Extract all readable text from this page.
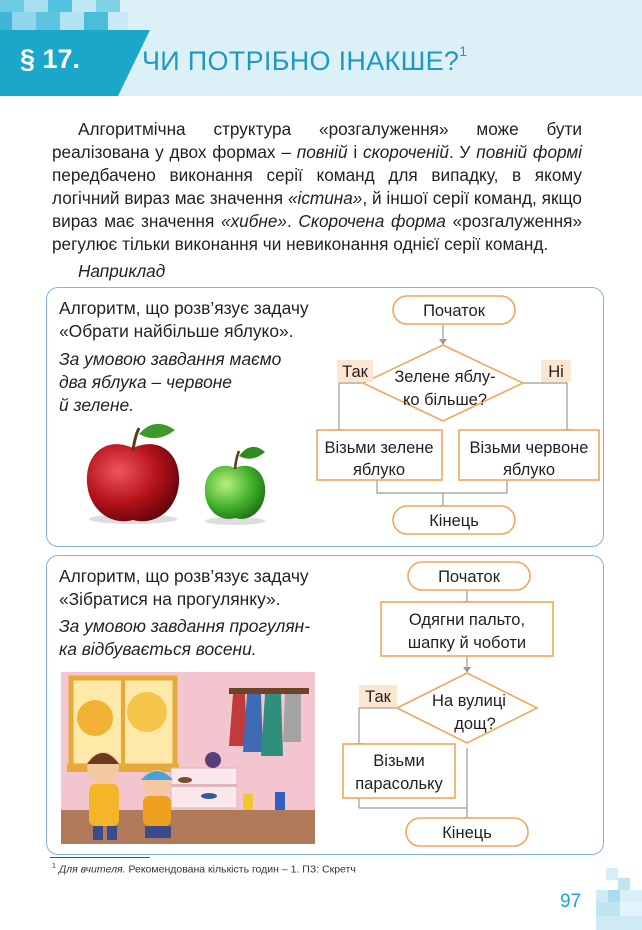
§ 17. ЧИ ПОТРІБНО ІНАКШЕ?$^1$

Алгоритмічна структура «розгалуження» може бути реалізована у двох формах – повній і скороченій. У повній формі передбачено виконання серії команд для випадку, в якому логічний вираз має значення «істина», й іншої серії команд, якщо вираз має значення «хибне». Скорочена форма «розгалуження» регулює тільки виконання чи невиконання однієї серії команд.

Наприклад
Алгоритм, що розв’язує задачу
«Обрати найбільше яблуко».
За умовою завдання маємо
два яблука – червоне
й зелене.
Початок
Зелене яблу-
ко більше?
Так	Ні
Візьми зелене
яблуко
Візьми червоне
яблуко
Кінець
Алгоритм, що розв’язує задачу
«Зібратися на прогулянку».
За умовою завдання прогулян-
ка відбувається восени.
Початок
Одягни пальто,
шапку й чоботи
На вулиці
дощ?
Так
Візьми
парасольку
Кінець
$^1$ Для вчителя. Рекомендована кількість годин – 1. ПЗ: Скретч
97
